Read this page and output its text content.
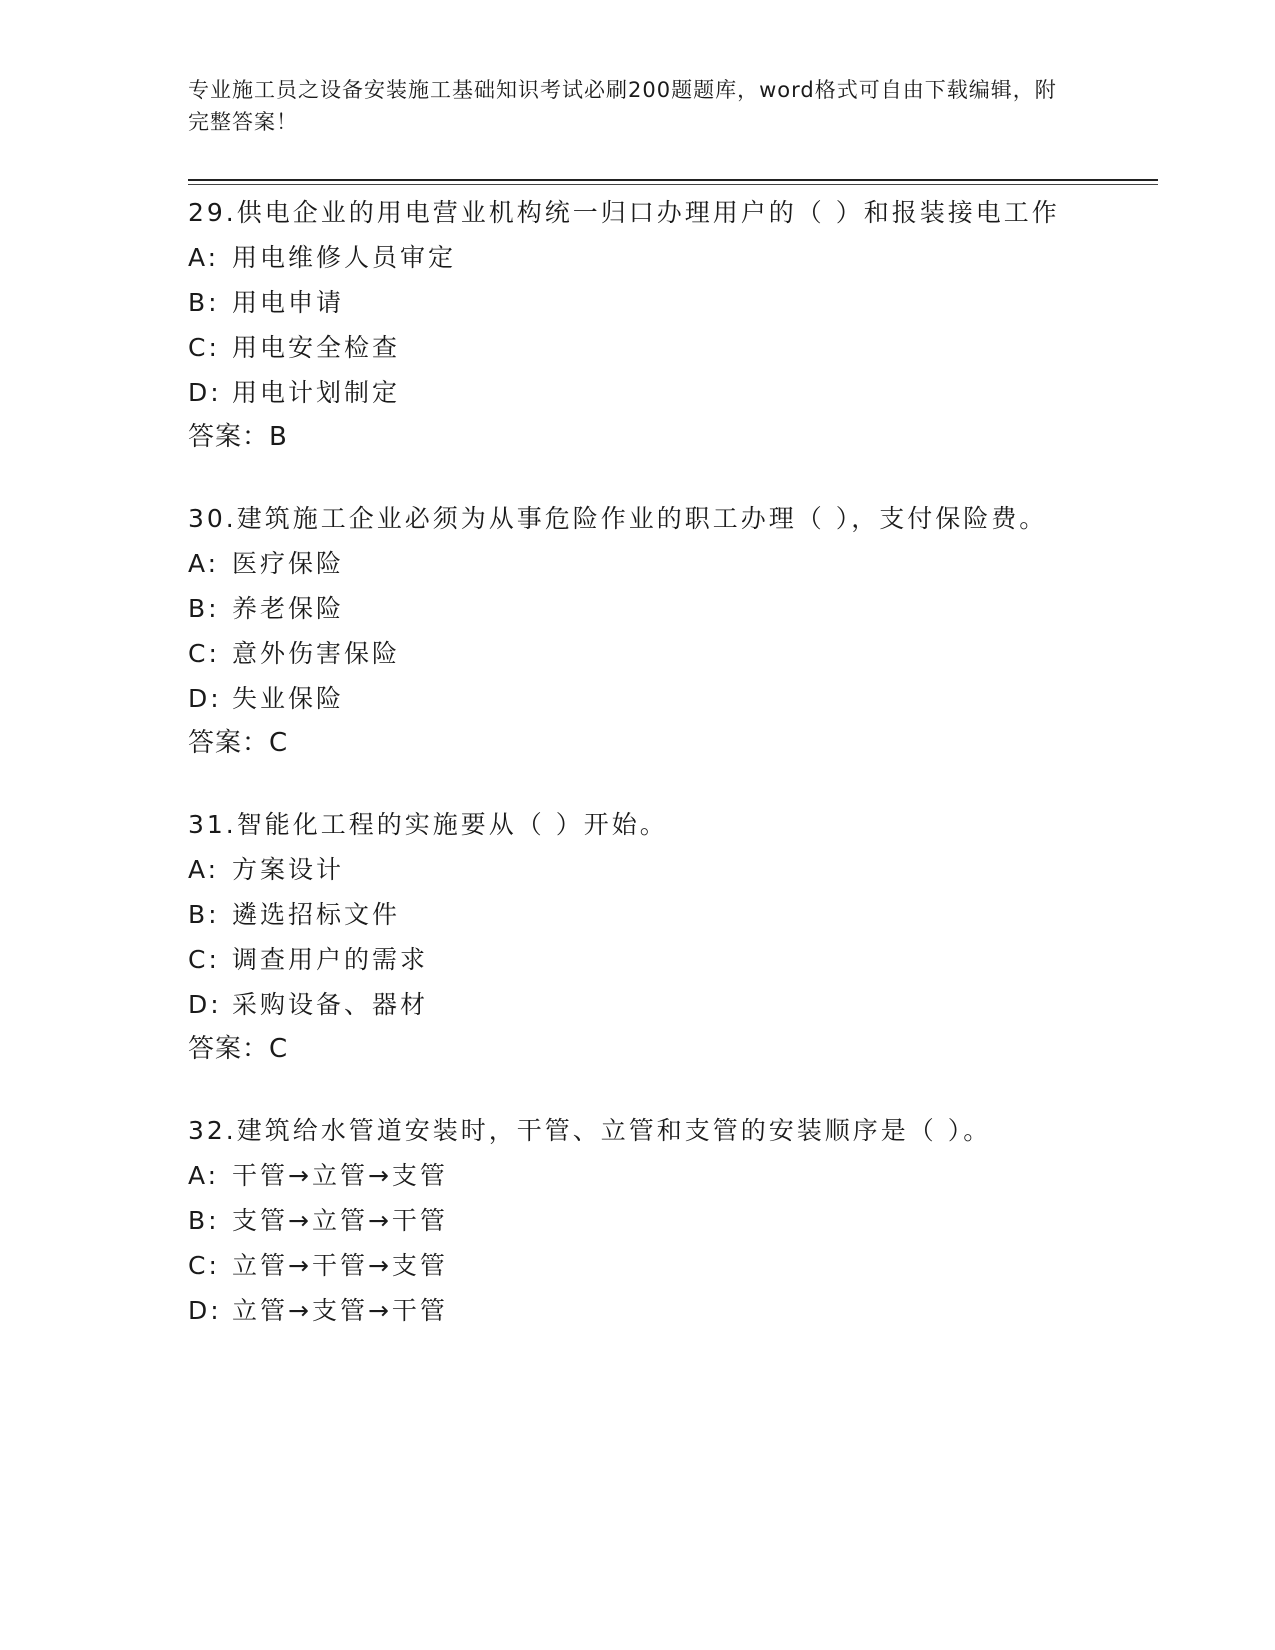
专业施工员之设备安装施工基础知识考试必刷200题题库，word格式可自由下载编辑，附完整答案！

29.供电企业的用电营业机构统一归口办理用户的（ ）和报装接电工作

A: 用电维修人员审定

B: 用电申请

C: 用电安全检查

D: 用电计划制定

答案：B

30.建筑施工企业必须为从事危险作业的职工办理（ ），支付保险费。

A: 医疗保险

B: 养老保险

C: 意外伤害保险

D: 失业保险

答案：C

31.智能化工程的实施要从（ ）开始。

A: 方案设计

B: 遴选招标文件

C: 调查用户的需求

D: 采购设备、器材

答案：C

32.建筑给水管道安装时，干管、立管和支管的安装顺序是（ ）。

A: 干管→立管→支管

B: 支管→立管→干管

C: 立管→干管→支管

D: 立管→支管→干管
